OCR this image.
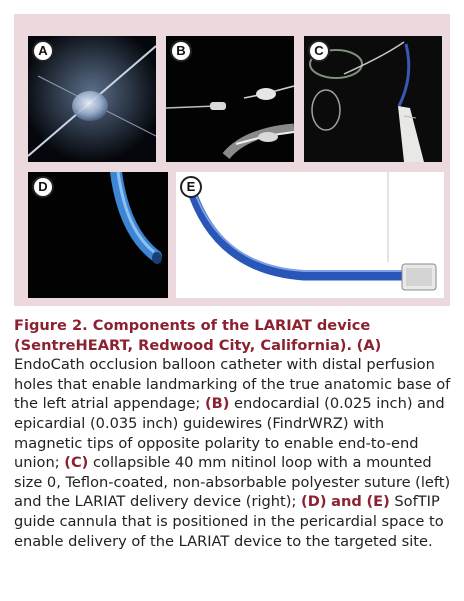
A	B	C
D	E

Figure 2. Components of the LARIAT device (SentreHEART, Redwood City, California). (A) EndoCath occlusion balloon catheter with distal perfusion holes that enable landmarking of the true anatomic base of the left atrial appendage; (B) endocardial (0.025 inch) and epicardial (0.035 inch) guidewires (FindrWRZ) with magnetic tips of opposite polarity to enable end-to-end union; (C) collapsible 40 mm nitinol loop with a mounted size 0, Teflon-coated, non-absorbable polyester suture (left) and the LARIAT delivery device (right); (D) and (E) SofTIP guide cannula that is positioned in the pericardial space to enable delivery of the LARIAT device to the targeted site.
